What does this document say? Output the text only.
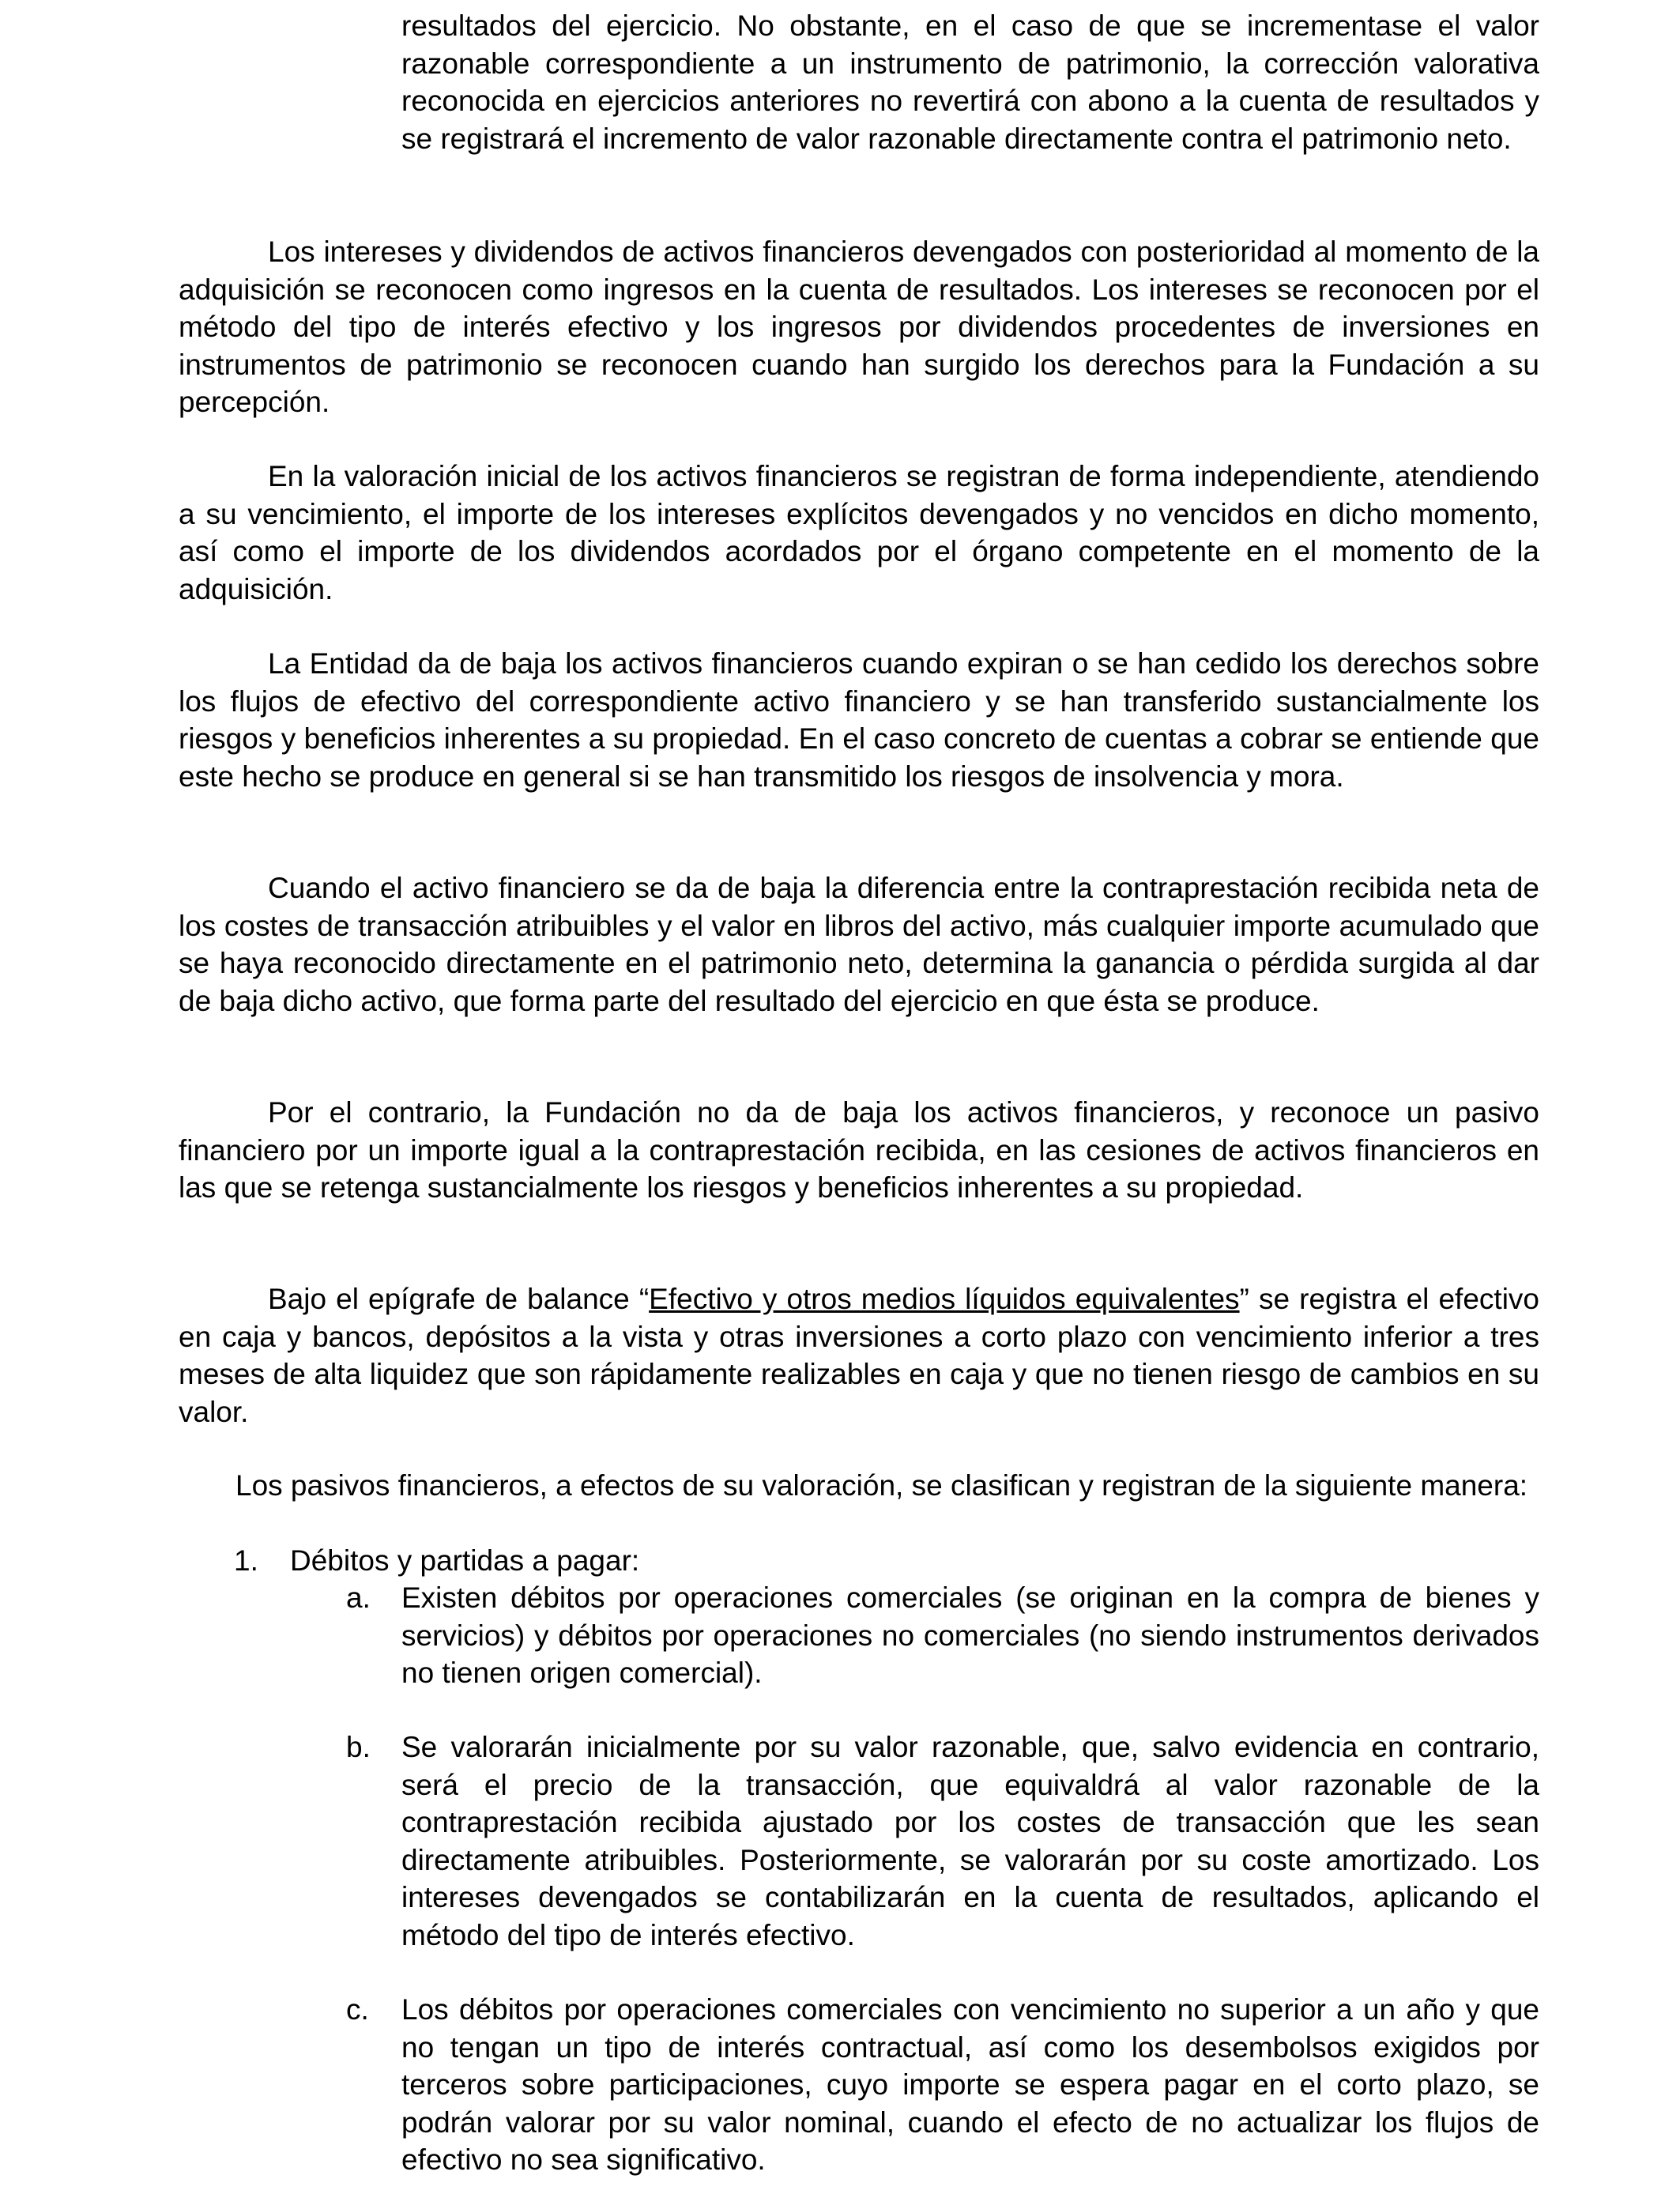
resultados del ejercicio. No obstante, en el caso de que se incrementase el valor razonable correspondiente a un instrumento de patrimonio, la corrección valorativa reconocida en ejercicios anteriores no revertirá con abono a la cuenta de resultados y se registrará el incremento de valor razonable directamente contra el patrimonio neto.

Los intereses y dividendos de activos financieros devengados con posterioridad al momento de la adquisición se reconocen como ingresos en la cuenta de resultados. Los intereses se reconocen por el método del tipo de interés efectivo y los ingresos por dividendos procedentes de inversiones en instrumentos de patrimonio se reconocen cuando han surgido los derechos para la Fundación a su percepción.

En la valoración inicial de los activos financieros se registran de forma independiente, atendiendo a su vencimiento, el importe de los intereses explícitos devengados y no vencidos en dicho momento, así como el importe de los dividendos acordados por el órgano competente en el momento de la adquisición.

La Entidad da de baja los activos financieros cuando expiran o se han cedido los derechos sobre los flujos de efectivo del correspondiente activo financiero y se han transferido sustancialmente los riesgos y beneficios inherentes a su propiedad. En el caso concreto de cuentas a cobrar se entiende que este hecho se produce en general si se han transmitido los riesgos de insolvencia y mora.

Cuando el activo financiero se da de baja la diferencia entre la contraprestación recibida neta de los costes de transacción atribuibles y el valor en libros del activo, más cualquier importe acumulado que se haya reconocido directamente en el patrimonio neto, determina la ganancia o pérdida surgida al dar de baja dicho activo, que forma parte del resultado del ejercicio en que ésta se produce.

Por el contrario, la Fundación no da de baja los activos financieros, y reconoce un pasivo financiero por un importe igual a la contraprestación recibida, en las cesiones de activos financieros en las que se retenga sustancialmente los riesgos y beneficios inherentes a su propiedad.

Bajo el epígrafe de balance “Efectivo y otros medios líquidos equivalentes” se registra el efectivo en caja y bancos, depósitos a la vista y otras inversiones a corto plazo con vencimiento inferior a tres meses de alta liquidez que son rápidamente realizables en caja y que no tienen riesgo de cambios en su valor.

Los pasivos financieros, a efectos de su valoración, se clasifican y registran de la siguiente manera:

1. Débitos y partidas a pagar:

a. Existen débitos por operaciones comerciales (se originan en la compra de bienes y servicios) y débitos por operaciones no comerciales (no siendo instrumentos derivados no tienen origen comercial).

b. Se valorarán inicialmente por su valor razonable, que, salvo evidencia en contrario, será el precio de la transacción, que equivaldrá al valor razonable de la contraprestación recibida ajustado por los costes de transacción que les sean directamente atribuibles. Posteriormente, se valorarán por su coste amortizado. Los intereses devengados se contabilizarán en la cuenta de resultados, aplicando el método del tipo de interés efectivo.

c. Los débitos por operaciones comerciales con vencimiento no superior a un año y que no tengan un tipo de interés contractual, así como los desembolsos exigidos por terceros sobre participaciones, cuyo importe se espera pagar en el corto plazo, se podrán valorar por su valor nominal, cuando el efecto de no actualizar los flujos de efectivo no sea significativo.
